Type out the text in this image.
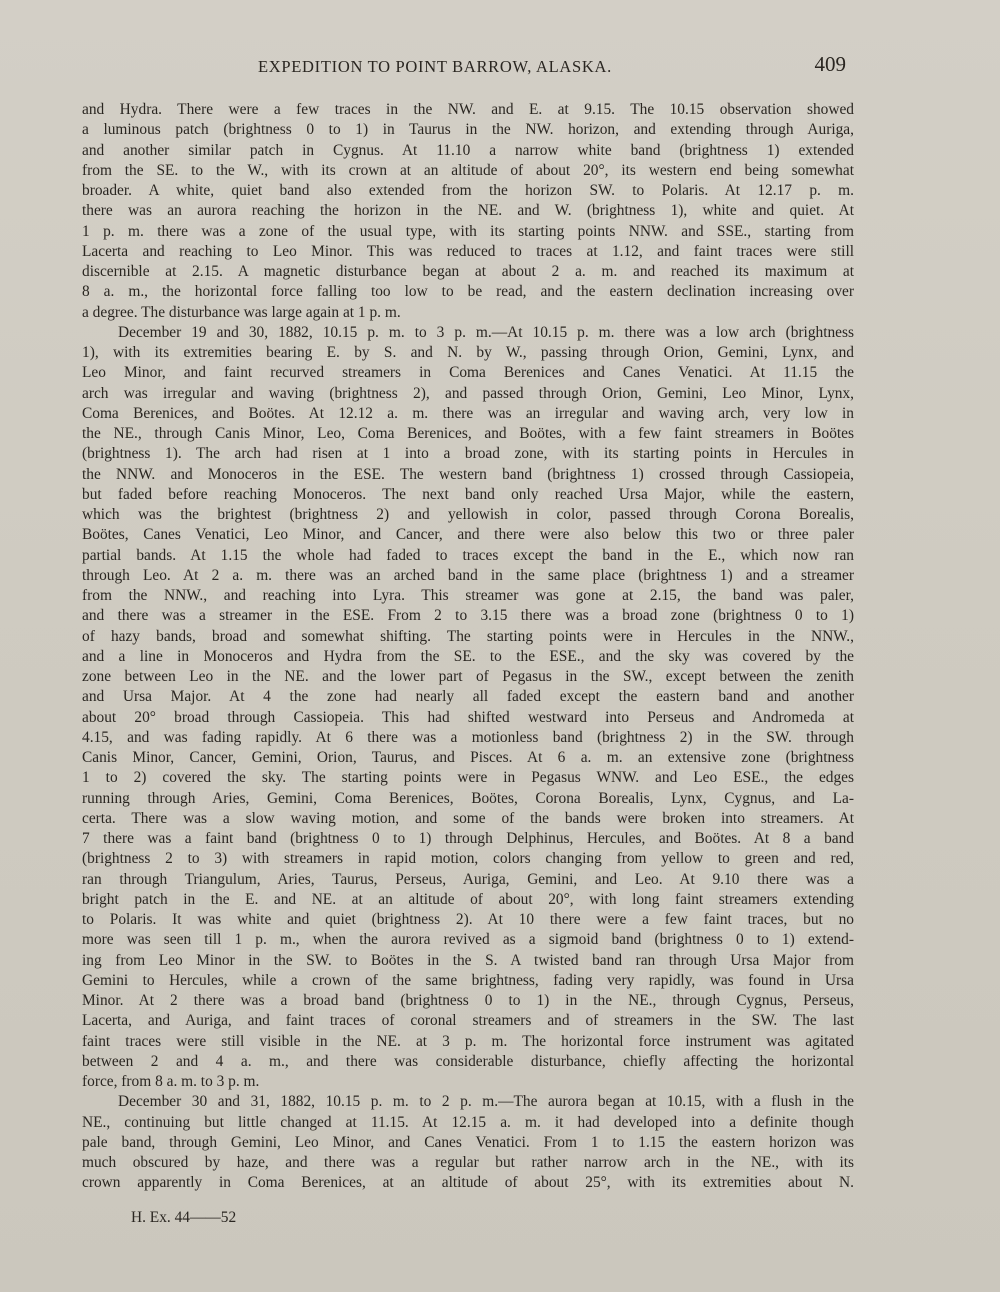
EXPEDITION TO POINT BARROW, ALASKA.	409
and Hydra. There were a few traces in the NW. and E. at 9.15. The 10.15 observation showed
a luminous patch (brightness 0 to 1) in Taurus in the NW. horizon, and extending through Auriga,
and another similar patch in Cygnus. At 11.10 a narrow white band (brightness 1) extended
from the SE. to the W., with its crown at an altitude of about 20°, its western end being somewhat
broader. A white, quiet band also extended from the horizon SW. to Polaris. At 12.17 p. m.
there was an aurora reaching the horizon in the NE. and W. (brightness 1), white and quiet. At
1 p. m. there was a zone of the usual type, with its starting points NNW. and SSE., starting from
Lacerta and reaching to Leo Minor. This was reduced to traces at 1.12, and faint traces were still
discernible at 2.15. A magnetic disturbance began at about 2 a. m. and reached its maximum at
8 a. m., the horizontal force falling too low to be read, and the eastern declination increasing over
a degree. The disturbance was large again at 1 p. m.
December 19 and 30, 1882, 10.15 p. m. to 3 p. m.—At 10.15 p. m. there was a low arch (brightness
1), with its extremities bearing E. by S. and N. by W., passing through Orion, Gemini, Lynx, and
Leo Minor, and faint recurved streamers in Coma Berenices and Canes Venatici. At 11.15 the
arch was irregular and waving (brightness 2), and passed through Orion, Gemini, Leo Minor, Lynx,
Coma Berenices, and Boötes. At 12.12 a. m. there was an irregular and waving arch, very low in
the NE., through Canis Minor, Leo, Coma Berenices, and Boötes, with a few faint streamers in Boötes
(brightness 1). The arch had risen at 1 into a broad zone, with its starting points in Hercules in
the NNW. and Monoceros in the ESE. The western band (brightness 1) crossed through Cassiopeia,
but faded before reaching Monoceros. The next band only reached Ursa Major, while the eastern,
which was the brightest (brightness 2) and yellowish in color, passed through Corona Borealis,
Boötes, Canes Venatici, Leo Minor, and Cancer, and there were also below this two or three paler
partial bands. At 1.15 the whole had faded to traces except the band in the E., which now ran
through Leo. At 2 a. m. there was an arched band in the same place (brightness 1) and a streamer
from the NNW., and reaching into Lyra. This streamer was gone at 2.15, the band was paler,
and there was a streamer in the ESE. From 2 to 3.15 there was a broad zone (brightness 0 to 1)
of hazy bands, broad and somewhat shifting. The starting points were in Hercules in the NNW.,
and a line in Monoceros and Hydra from the SE. to the ESE., and the sky was covered by the
zone between Leo in the NE. and the lower part of Pegasus in the SW., except between the zenith
and Ursa Major. At 4 the zone had nearly all faded except the eastern band and another
about 20° broad through Cassiopeia. This had shifted westward into Perseus and Andromeda at
4.15, and was fading rapidly. At 6 there was a motionless band (brightness 2) in the SW. through
Canis Minor, Cancer, Gemini, Orion, Taurus, and Pisces. At 6 a. m. an extensive zone (brightness
1 to 2) covered the sky. The starting points were in Pegasus WNW. and Leo ESE., the edges
running through Aries, Gemini, Coma Berenices, Boötes, Corona Borealis, Lynx, Cygnus, and La-
certa. There was a slow waving motion, and some of the bands were broken into streamers. At
7 there was a faint band (brightness 0 to 1) through Delphinus, Hercules, and Boötes. At 8 a band
(brightness 2 to 3) with streamers in rapid motion, colors changing from yellow to green and red,
ran through Triangulum, Aries, Taurus, Perseus, Auriga, Gemini, and Leo. At 9.10 there was a
bright patch in the E. and NE. at an altitude of about 20°, with long faint streamers extending
to Polaris. It was white and quiet (brightness 2). At 10 there were a few faint traces, but no
more was seen till 1 p. m., when the aurora revived as a sigmoid band (brightness 0 to 1) extend-
ing from Leo Minor in the SW. to Boötes in the S. A twisted band ran through Ursa Major from
Gemini to Hercules, while a crown of the same brightness, fading very rapidly, was found in Ursa
Minor. At 2 there was a broad band (brightness 0 to 1) in the NE., through Cygnus, Perseus,
Lacerta, and Auriga, and faint traces of coronal streamers and of streamers in the SW. The last
faint traces were still visible in the NE. at 3 p. m. The horizontal force instrument was agitated
between 2 and 4 a. m., and there was considerable disturbance, chiefly affecting the horizontal
force, from 8 a. m. to 3 p. m.
December 30 and 31, 1882, 10.15 p. m. to 2 p. m.—The aurora began at 10.15, with a flush in the
NE., continuing but little changed at 11.15. At 12.15 a. m. it had developed into a definite though
pale band, through Gemini, Leo Minor, and Canes Venatici. From 1 to 1.15 the eastern horizon was
much obscured by haze, and there was a regular but rather narrow arch in the NE., with its
crown apparently in Coma Berenices, at an altitude of about 25°, with its extremities about N.
H. Ex. 44——52
